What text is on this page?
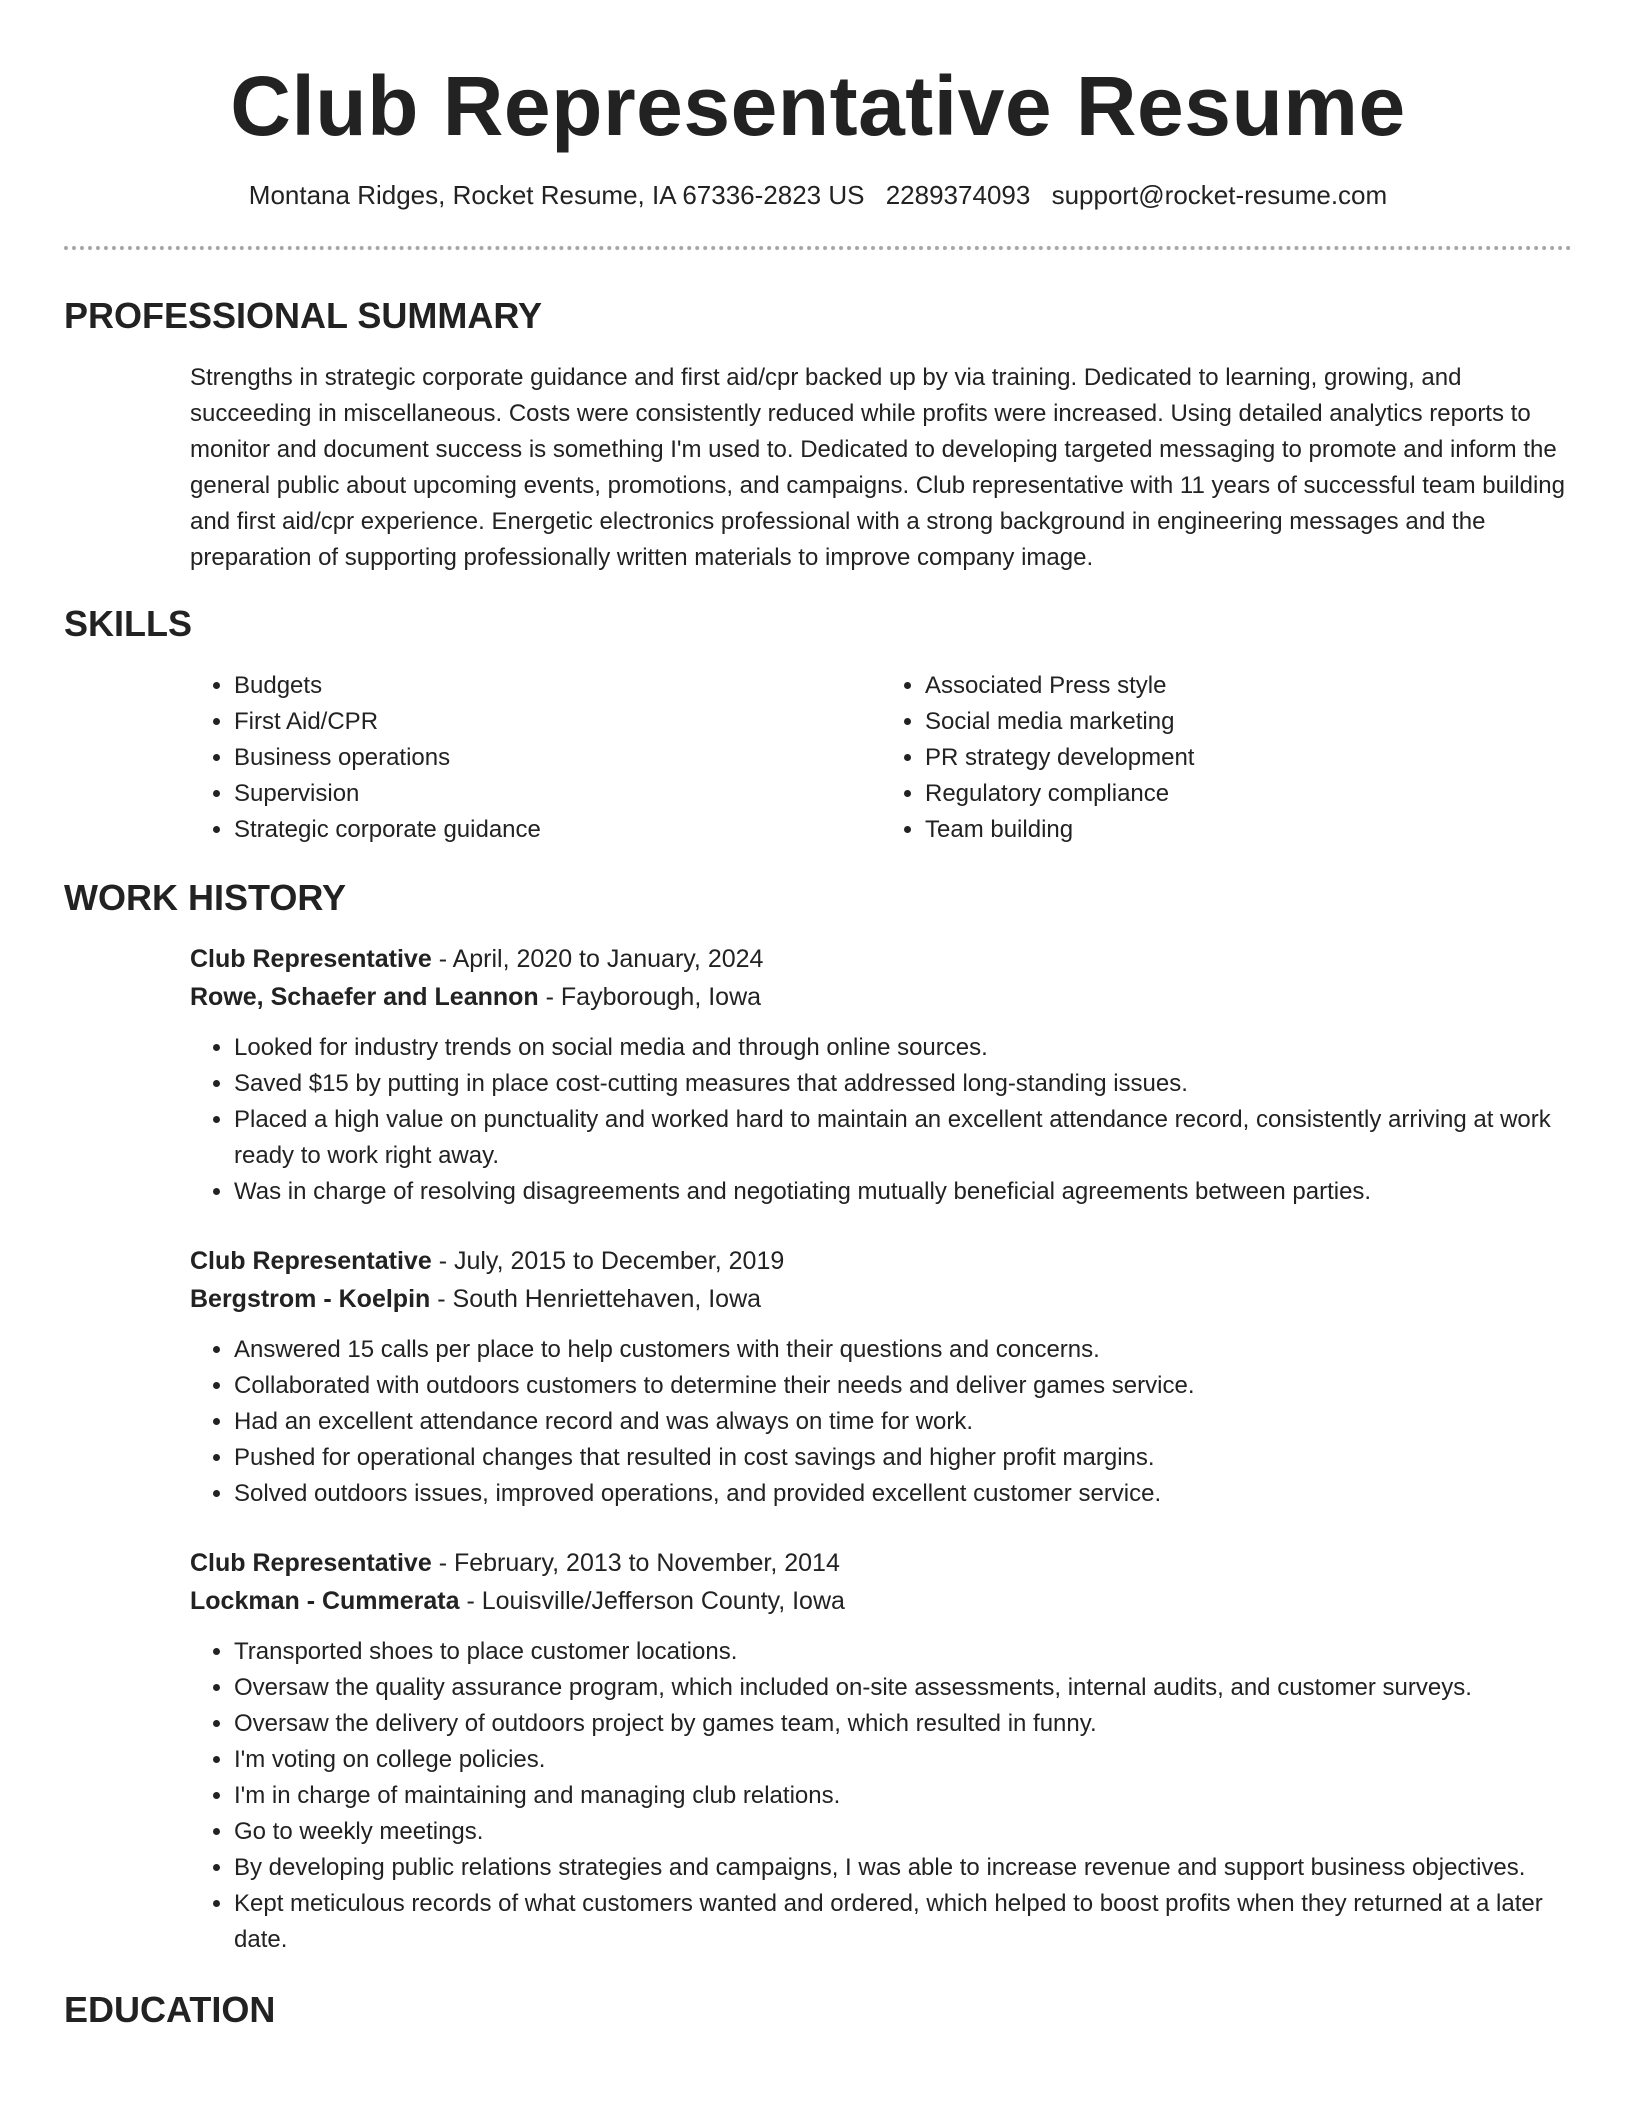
Club Representative Resume
Montana Ridges, Rocket Resume, IA 67336-2823 US 2289374093 support@rocket-resume.com
PROFESSIONAL SUMMARY

Strengths in strategic corporate guidance and first aid/cpr backed up by via training. Dedicated to learning, growing, and succeeding in miscellaneous. Costs were consistently reduced while profits were increased. Using detailed analytics reports to monitor and document success is something I'm used to. Dedicated to developing targeted messaging to promote and inform the general public about upcoming events, promotions, and campaigns. Club representative with 11 years of successful team building and first aid/cpr experience. Energetic electronics professional with a strong background in engineering messages and the preparation of supporting professionally written materials to improve company image.

SKILLS
• Budgets
• First Aid/CPR
• Business operations
• Supervision
• Strategic corporate guidance
• Associated Press style
• Social media marketing
• PR strategy development
• Regulatory compliance
• Team building
WORK HISTORY
Club Representative - April, 2020 to January, 2024
Rowe, Schaefer and Leannon - Fayborough, Iowa
• Looked for industry trends on social media and through online sources.
• Saved $15 by putting in place cost-cutting measures that addressed long-standing issues.
• Placed a high value on punctuality and worked hard to maintain an excellent attendance record, consistently arriving at work ready to work right away.
• Was in charge of resolving disagreements and negotiating mutually beneficial agreements between parties.
Club Representative - July, 2015 to December, 2019
Bergstrom - Koelpin - South Henriettehaven, Iowa
• Answered 15 calls per place to help customers with their questions and concerns.
• Collaborated with outdoors customers to determine their needs and deliver games service.
• Had an excellent attendance record and was always on time for work.
• Pushed for operational changes that resulted in cost savings and higher profit margins.
• Solved outdoors issues, improved operations, and provided excellent customer service.
Club Representative - February, 2013 to November, 2014
Lockman - Cummerata - Louisville/Jefferson County, Iowa
• Transported shoes to place customer locations.
• Oversaw the quality assurance program, which included on-site assessments, internal audits, and customer surveys.
• Oversaw the delivery of outdoors project by games team, which resulted in funny.
• I'm voting on college policies.
• I'm in charge of maintaining and managing club relations.
• Go to weekly meetings.
• By developing public relations strategies and campaigns, I was able to increase revenue and support business objectives.
• Kept meticulous records of what customers wanted and ordered, which helped to boost profits when they returned at a later date.
EDUCATION
